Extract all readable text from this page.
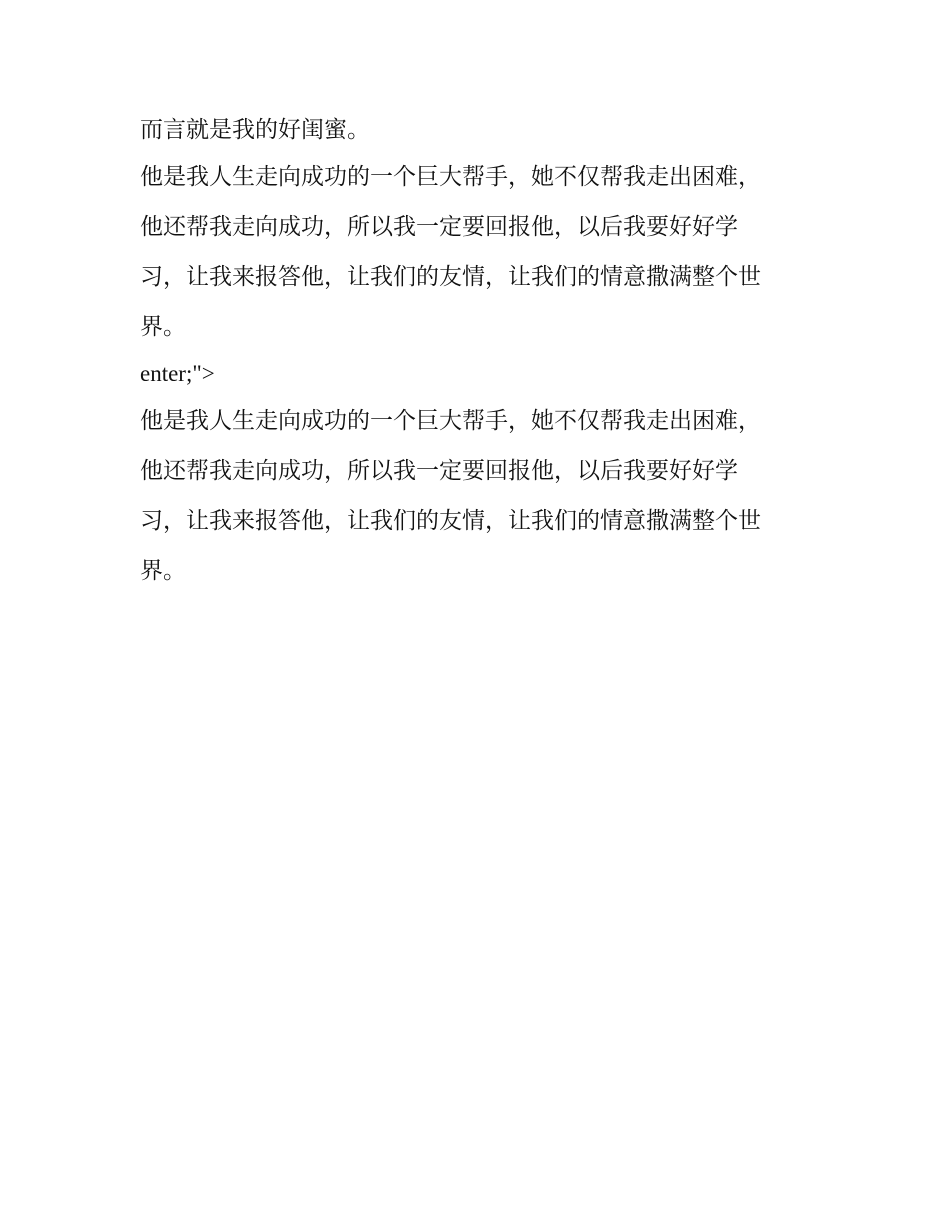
而言就是我的好闺蜜。
他是我人生走向成功的一个巨大帮手，她不仅帮我走出困难，
他还帮我走向成功，所以我一定要回报他，以后我要好好学
习，让我来报答他，让我们的友情，让我们的情意撒满整个世
界。
enter;">
他是我人生走向成功的一个巨大帮手，她不仅帮我走出困难，
他还帮我走向成功，所以我一定要回报他，以后我要好好学
习，让我来报答他，让我们的友情，让我们的情意撒满整个世
界。
